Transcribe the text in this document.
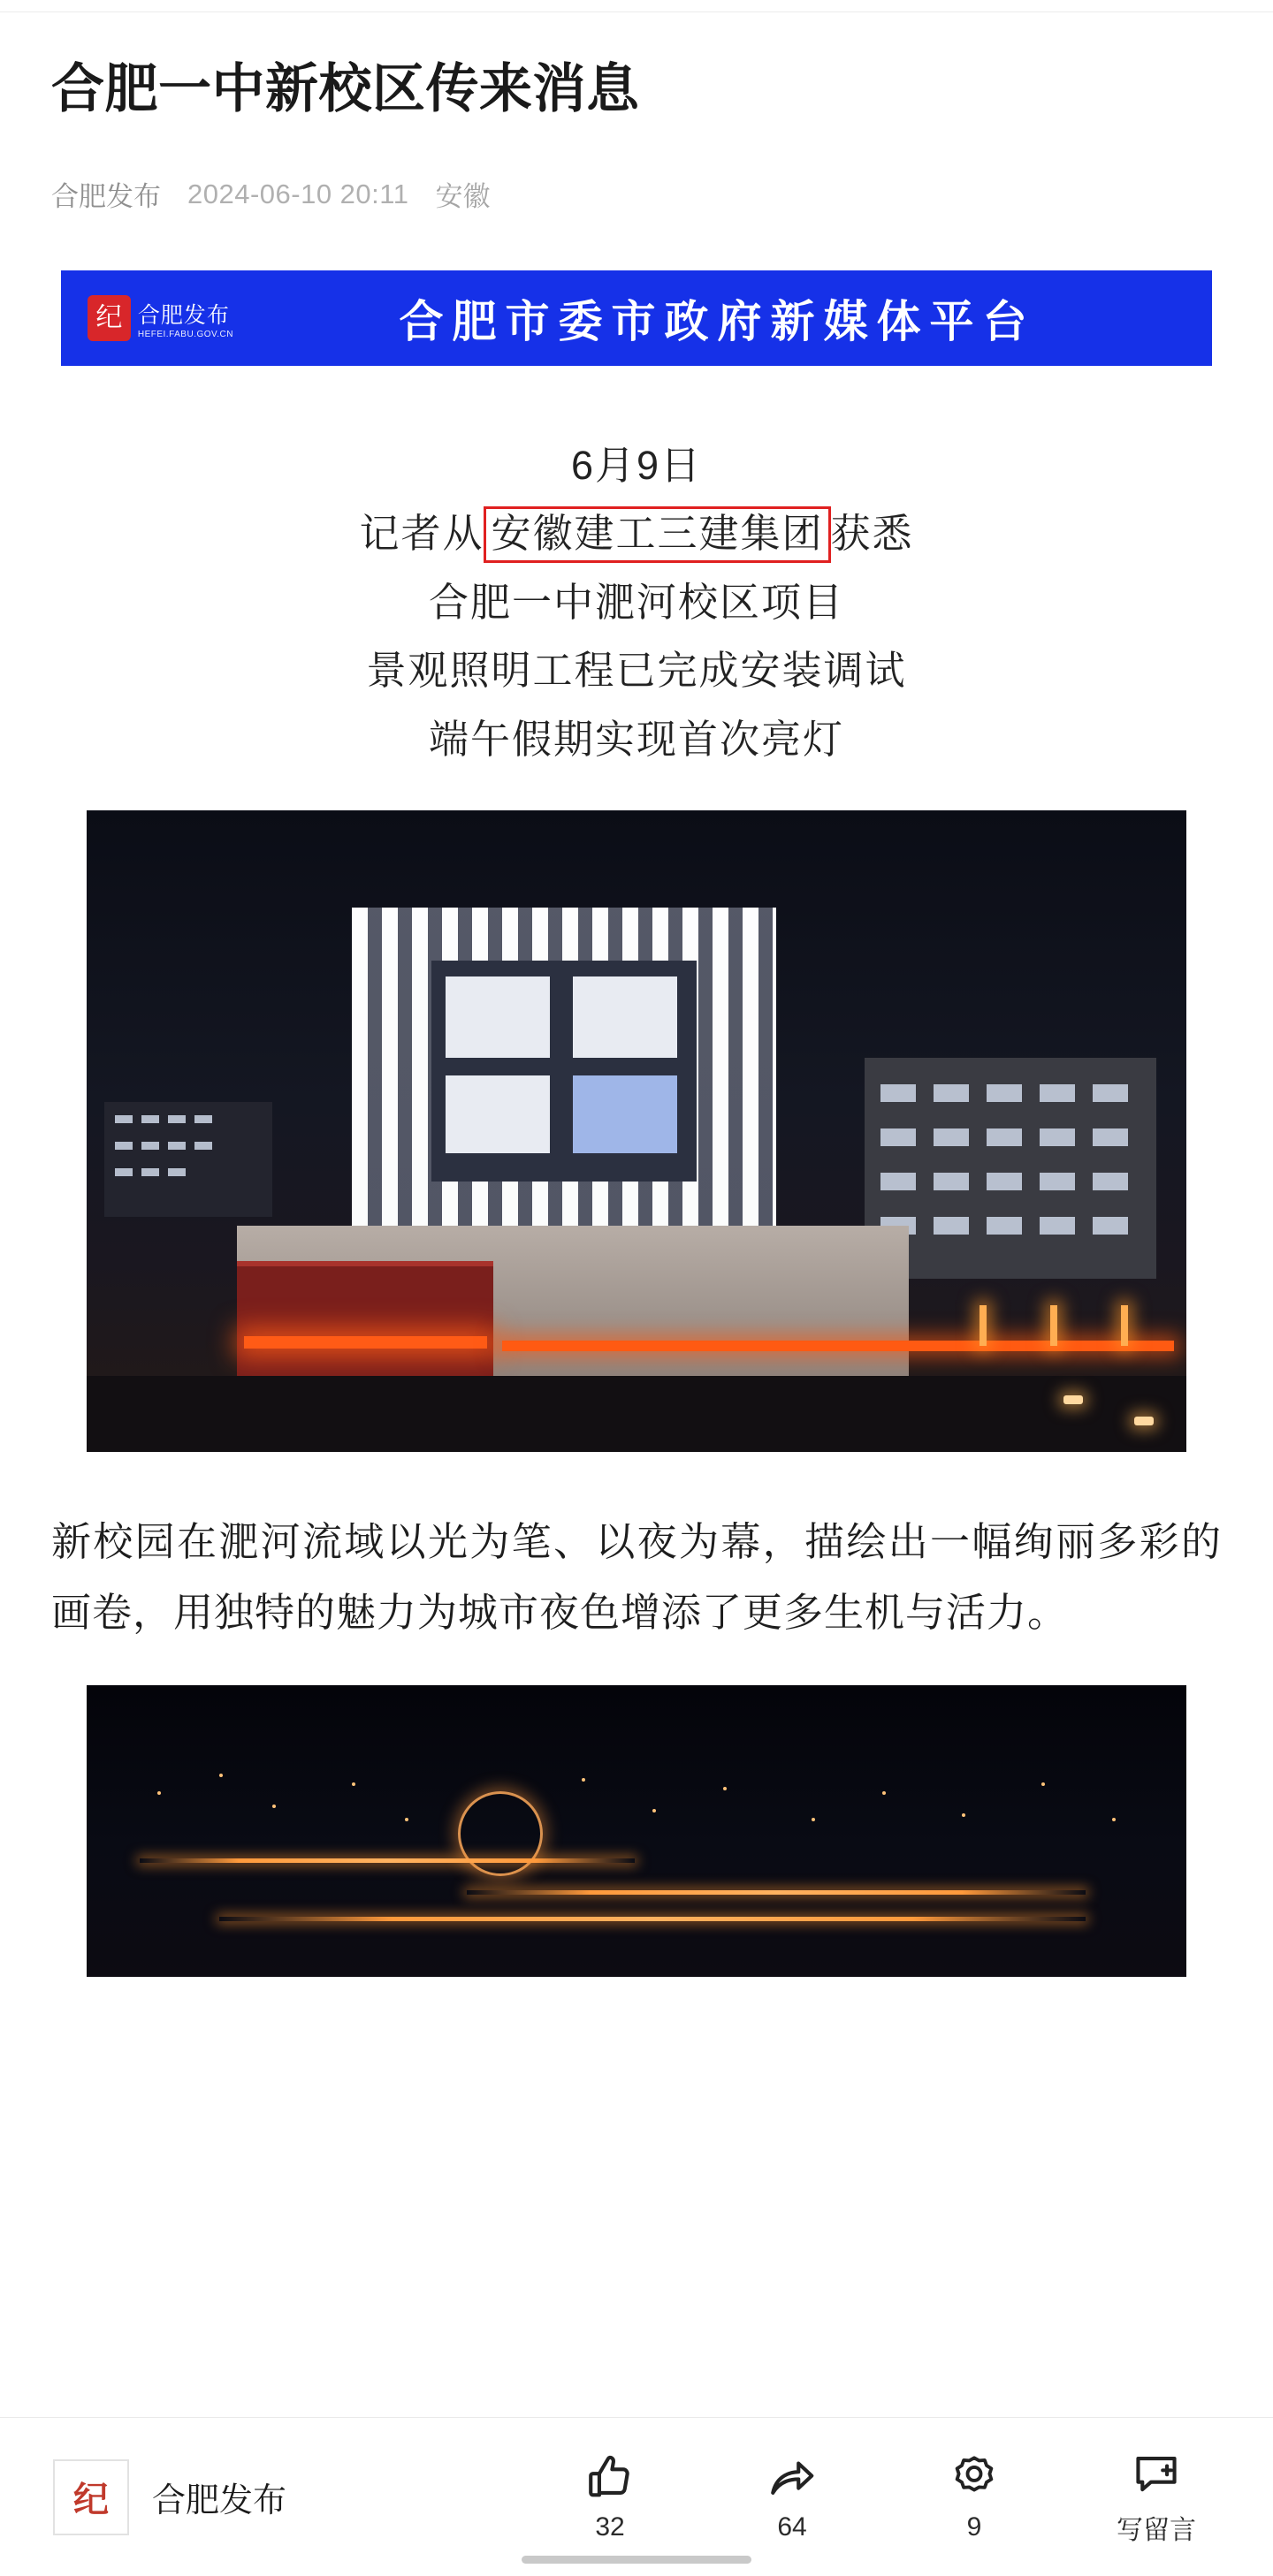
合肥一中新校区传来消息
合肥发布 2024-06-10 20:11 安徽
纪 合肥发布
HEFEI.FABU.GOV.CN	合肥市委市政府新媒体平台
6月9日
记者从 安徽建工三建集团 获悉
合肥一中淝河校区项目
景观照明工程已完成安装调试
端午假期实现首次亮灯

新校园在淝河流域以光为笔、以夜为幕，描绘出一幅绚丽多彩的画卷，用独特的魅力为城市夜色增添了更多生机与活力。

纪 合肥发布
32	64	9	写留言
